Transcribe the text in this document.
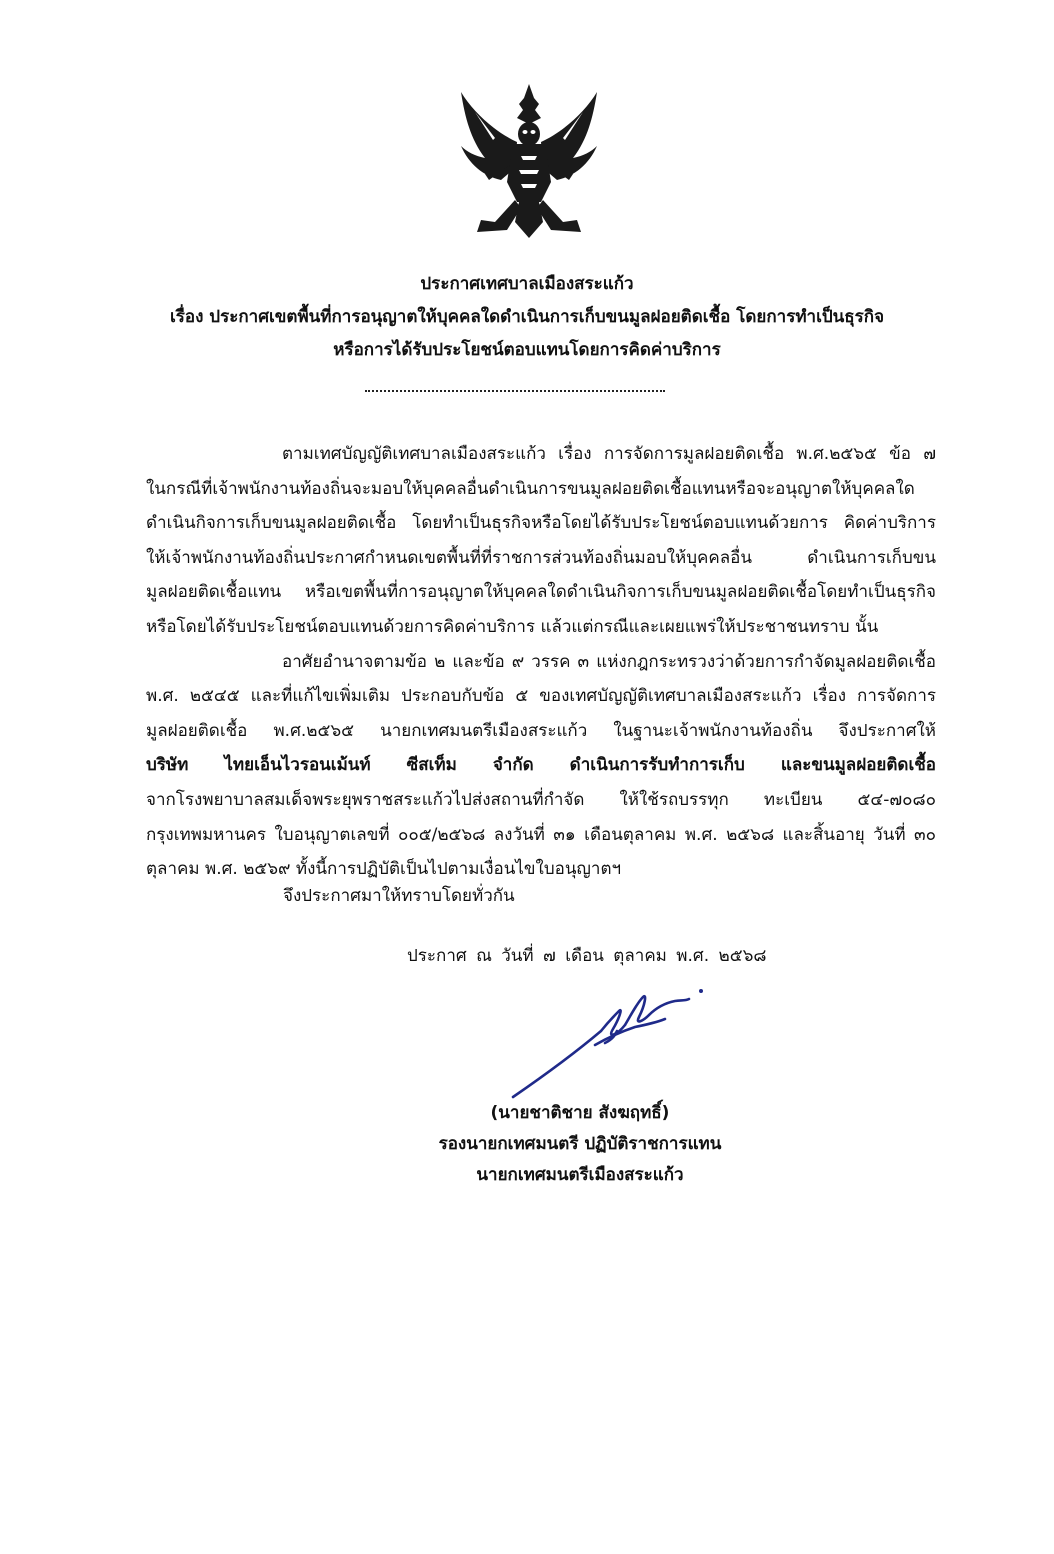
ประกาศเทศบาลเมืองสระแก้ว
เรื่อง ประกาศเขตพื้นที่การอนุญาตให้บุคคลใดดำเนินการเก็บขนมูลฝอยติดเชื้อ โดยการทำเป็นธุรกิจ
หรือการได้รับประโยชน์ตอบแทนโดยการคิดค่าบริการ
ตามเทศบัญญัติเทศบาลเมืองสระแก้ว เรื่อง การจัดการมูลฝอยติดเชื้อ พ.ศ.๒๕๖๕ ข้อ ๗
ในกรณีที่เจ้าพนักงานท้องถิ่นจะมอบให้บุคคลอื่นดำเนินการขนมูลฝอยติดเชื้อแทนหรือจะอนุญาตให้บุคคลใด
ดำเนินกิจการเก็บขนมูลฝอยติดเชื้อ โดยทำเป็นธุรกิจหรือโดยได้รับประโยชน์ตอบแทนด้วยการ คิดค่าบริการ
ให้เจ้าพนักงานท้องถิ่นประกาศกำหนดเขตพื้นที่ที่ราชการส่วนท้องถิ่นมอบให้บุคคลอื่น ดำเนินการเก็บขน
มูลฝอยติดเชื้อแทน หรือเขตพื้นที่การอนุญาตให้บุคคลใดดำเนินกิจการเก็บขนมูลฝอยติดเชื้อโดยทำเป็นธุรกิจ
หรือโดยได้รับประโยชน์ตอบแทนด้วยการคิดค่าบริการ แล้วแต่กรณีและเผยแพร่ให้ประชาชนทราบ นั้น
อาศัยอำนาจตามข้อ ๒ และข้อ ๙ วรรค ๓ แห่งกฎกระทรวงว่าด้วยการกำจัดมูลฝอยติดเชื้อ
พ.ศ. ๒๕๔๕ และที่แก้ไขเพิ่มเติม ประกอบกับข้อ ๕ ของเทศบัญญัติเทศบาลเมืองสระแก้ว เรื่อง การจัดการ
มูลฝอยติดเชื้อ พ.ศ.๒๕๖๕ นายกเทศมนตรีเมืองสระแก้ว ในฐานะเจ้าพนักงานท้องถิ่น จึงประกาศให้
บริษัท ไทยเอ็นไวรอนเม้นท์ ซีสเท็ม จำกัด ดำเนินการรับทำการเก็บ และขนมูลฝอยติดเชื้อ
จากโรงพยาบาลสมเด็จพระยุพราชสระแก้วไปส่งสถานที่กำจัด ให้ใช้รถบรรทุก ทะเบียน ๕๔-๗๐๘๐
กรุงเทพมหานคร ใบอนุญาตเลขที่ ๐๐๕/๒๕๖๘ ลงวันที่ ๓๑ เดือนตุลาคม พ.ศ. ๒๕๖๘ และสิ้นอายุ วันที่ ๓๐
ตุลาคม พ.ศ. ๒๕๖๙ ทั้งนี้การปฏิบัติเป็นไปตามเงื่อนไขใบอนุญาตฯ
จึงประกาศมาให้ทราบโดยทั่วกัน
ประกาศ ณ วันที่ ๗ เดือน ตุลาคม พ.ศ. ๒๕๖๘
(นายชาติชาย สังฆฤทธิ์)
รองนายกเทศมนตรี ปฏิบัติราชการแทน
นายกเทศมนตรีเมืองสระแก้ว
